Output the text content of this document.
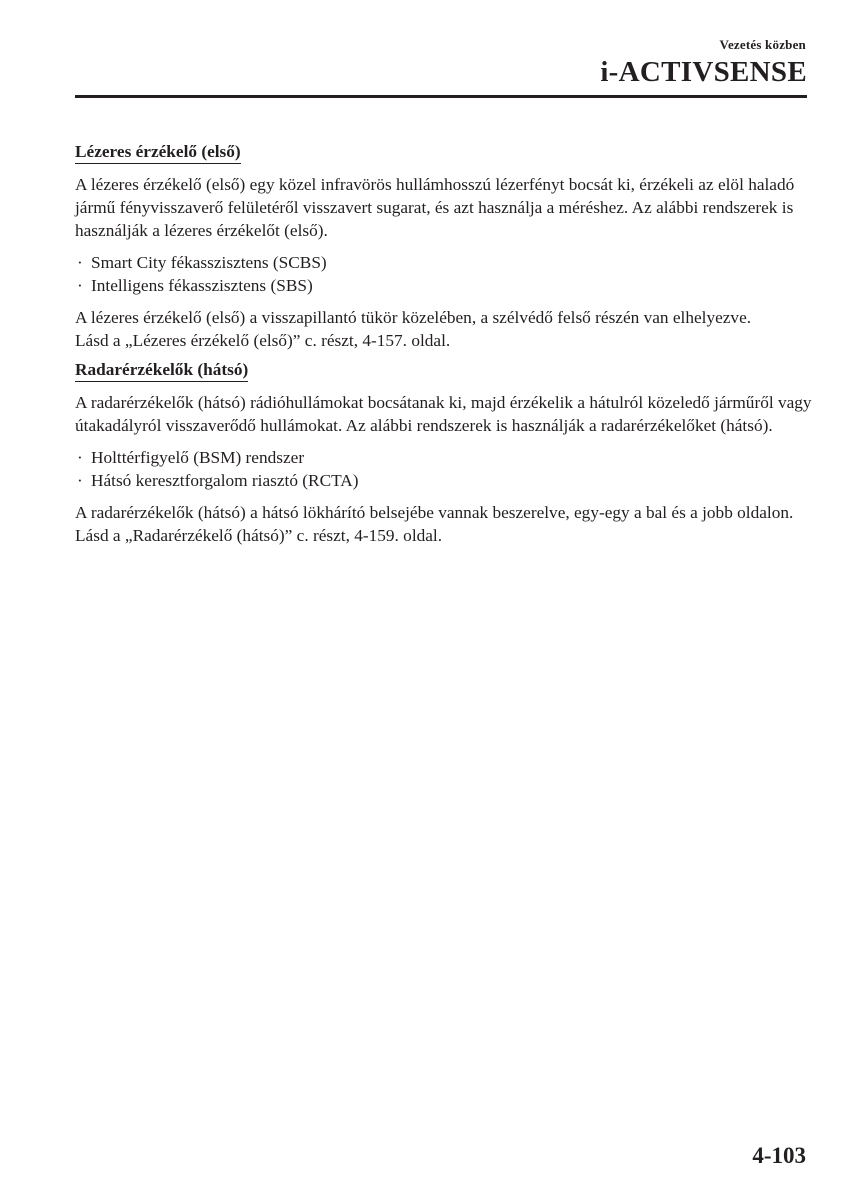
Vezetés közben
i-ACTIVSENSE
Lézeres érzékelő (első)

A lézeres érzékelő (első) egy közel infravörös hullámhosszú lézerfényt bocsát ki, érzékeli az elöl haladó jármű fényvisszaverő felületéről visszavert sugarat, és azt használja a méréshez. Az alábbi rendszerek is használják a lézeres érzékelőt (első).

· Smart City fékasszisztens (SCBS)
· Intelligens fékasszisztens (SBS)

A lézeres érzékelő (első) a visszapillantó tükör közelében, a szélvédő felső részén van elhelyezve.

Lásd a „Lézeres érzékelő (első)” c. részt, 4-157. oldal.

Radarérzékelők (hátsó)

A radarérzékelők (hátsó) rádióhullámokat bocsátanak ki, majd érzékelik a hátulról közeledő járműről vagy útakadályról visszaverődő hullámokat. Az alábbi rendszerek is használják a radarérzékelőket (hátsó).

· Holttérfigyelő (BSM) rendszer
· Hátsó keresztforgalom riasztó (RCTA)

A radarérzékelők (hátsó) a hátsó lökhárító belsejébe vannak beszerelve, egy-egy a bal és a jobb oldalon.

Lásd a „Radarérzékelő (hátsó)” c. részt, 4-159. oldal.

4-103
